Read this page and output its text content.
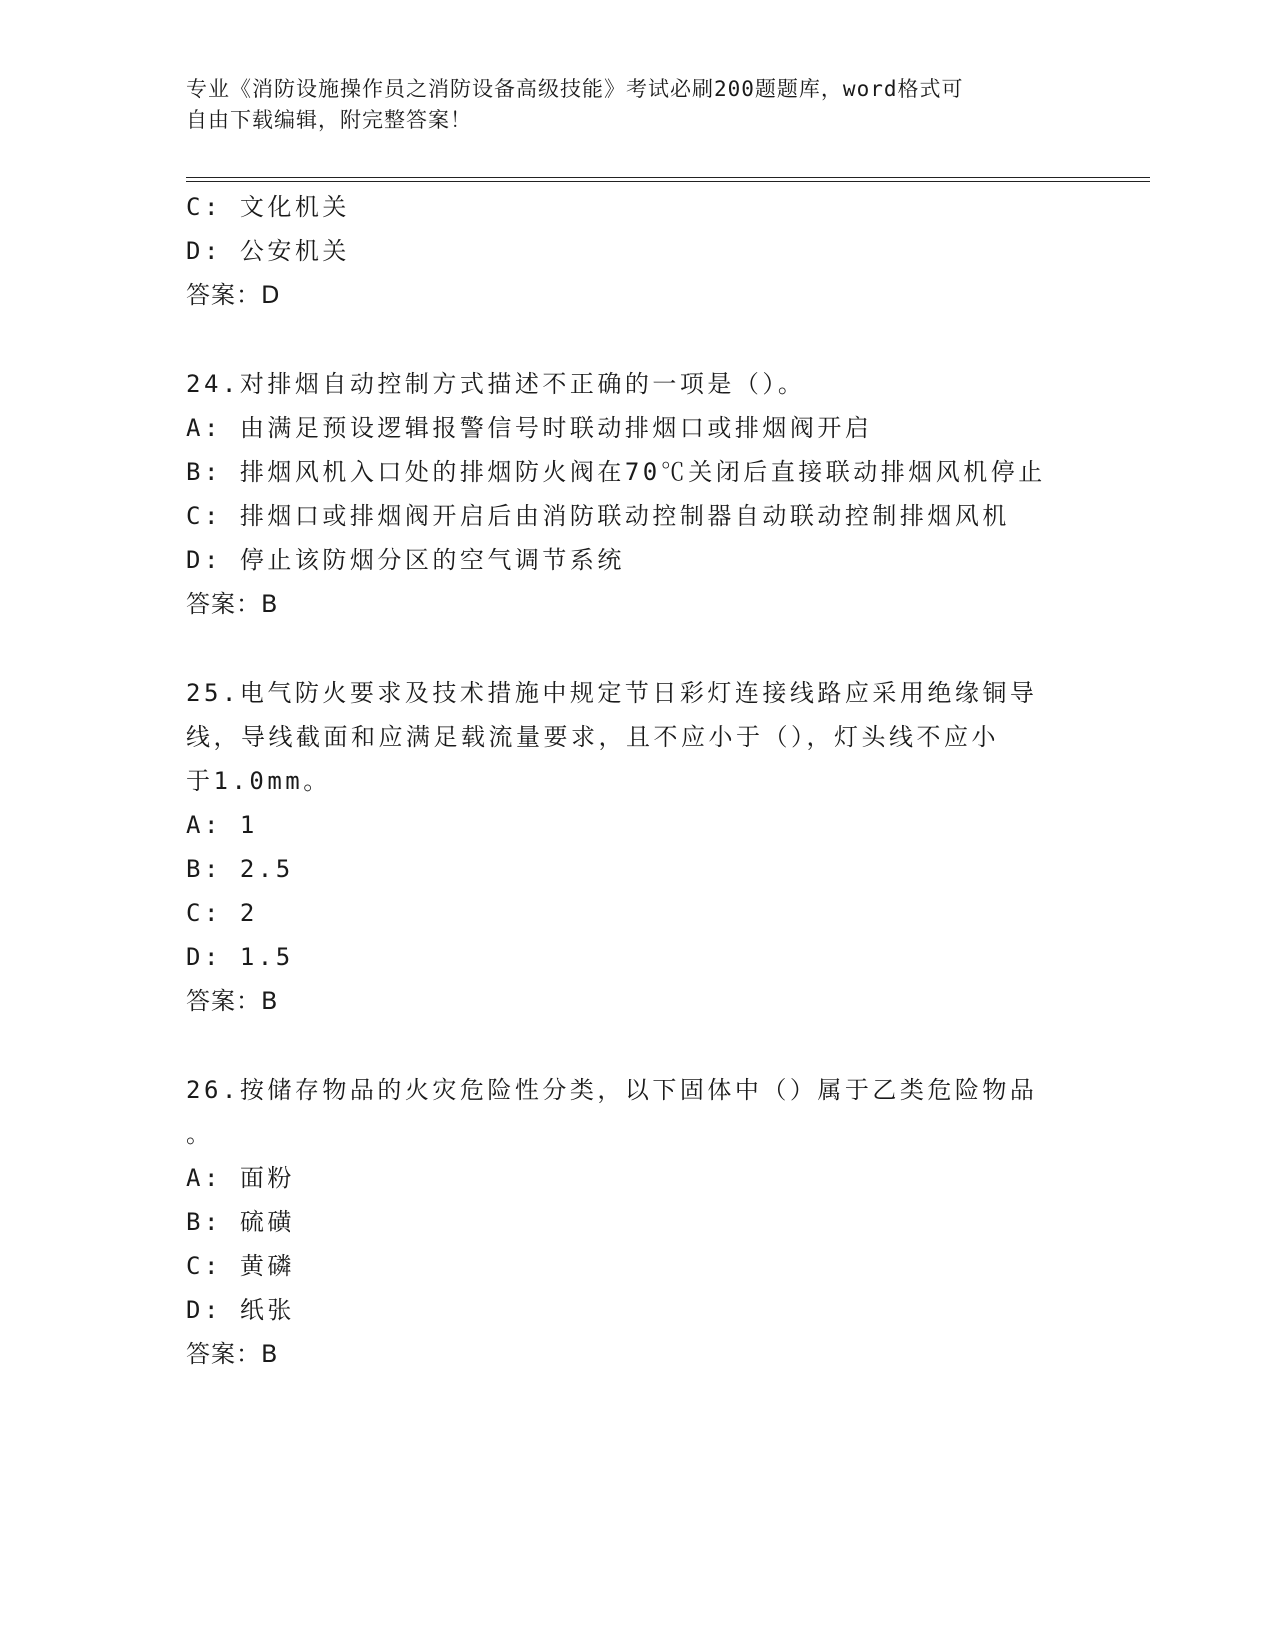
专业《消防设施操作员之消防设备高级技能》考试必刷200题题库，word格式可
自由下载编辑，附完整答案！
C: 文化机关
D: 公安机关
答案：D
24.对排烟自动控制方式描述不正确的一项是（）。
A: 由满足预设逻辑报警信号时联动排烟口或排烟阀开启
B: 排烟风机入口处的排烟防火阀在70℃关闭后直接联动排烟风机停止
C: 排烟口或排烟阀开启后由消防联动控制器自动联动控制排烟风机
D: 停止该防烟分区的空气调节系统
答案：B
25.电气防火要求及技术措施中规定节日彩灯连接线路应采用绝缘铜导
线，导线截面和应满足载流量要求，且不应小于（），灯头线不应小
于1.0mm。
A: 1
B: 2.5
C: 2
D: 1.5
答案：B
26.按储存物品的火灾危险性分类，以下固体中（）属于乙类危险物品
。
A: 面粉
B: 硫磺
C: 黄磷
D: 纸张
答案：B
